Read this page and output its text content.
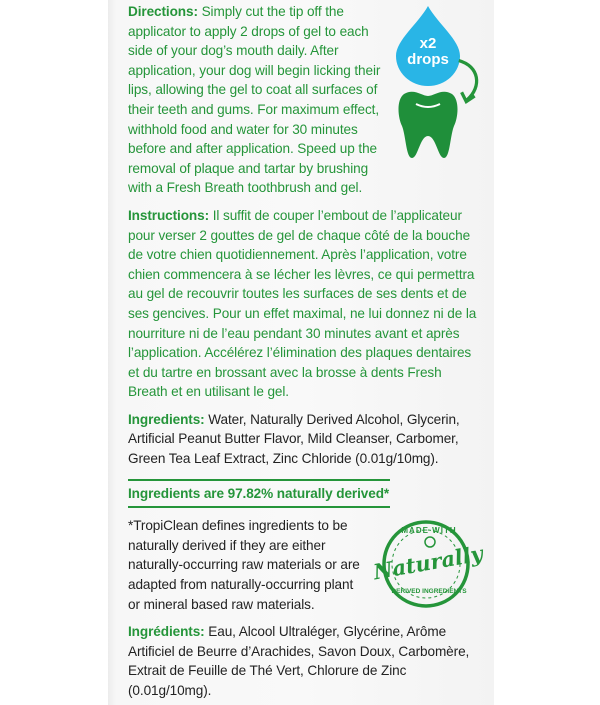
Directions: Simply cut the tip off the applicator to apply 2 drops of gel to each side of your dog’s mouth daily. After application, your dog will begin licking their lips, allowing the gel to coat all surfaces of their teeth and gums. For maximum effect, withhold food and water for 30 minutes before and after application. Speed up the removal of plaque and tartar by brushing with a Fresh Breath toothbrush and gel.
x2
drops
Instructions: Il suffit de couper l’embout de l’applicateur pour verser 2 gouttes de gel de chaque côté de la bouche de votre chien quotidiennement. Après l’application, votre chien commencera à se lécher les lèvres, ce qui permettra au gel de recouvrir toutes les surfaces de ses dents et de ses gencives. Pour un effet maximal, ne lui donnez ni de la nourriture ni de l’eau pendant 30 minutes avant et après l’application. Accélérez l’élimination des plaques dentaires et du tartre en brossant avec la brosse à dents Fresh Breath et en utilisant le gel.
Ingredients: Water, Naturally Derived Alcohol, Glycerin, Artificial Peanut Butter Flavor, Mild Cleanser, Carbomer, Green Tea Leaf Extract, Zinc Chloride (0.01g/10mg).
Ingredients are 97.82% naturally derived*
*TropiClean defines ingredients to be naturally derived if they are either naturally-occurring raw materials or are adapted from naturally-occurring plant or mineral based raw materials.
MADE WITH
Naturally
DERIVED INGREDIENTS
Ingrédients: Eau, Alcool Ultraléger, Glycérine, Arôme Artificiel de Beurre d’Arachides, Savon Doux, Carbomère, Extrait de Feuille de Thé Vert, Chlorure de Zinc (0.01g/10mg).
